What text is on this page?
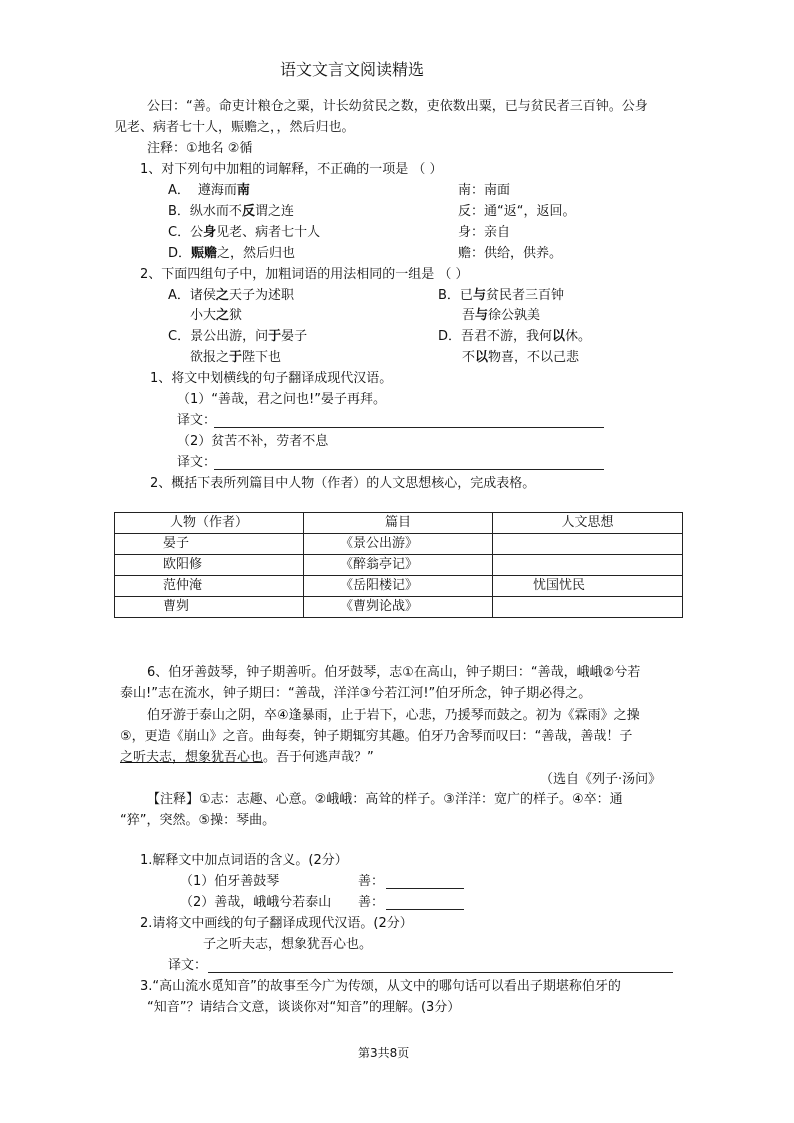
语文文言文阅读精选
公曰：“善。命吏计粮仓之粟，计长幼贫民之数，吏依数出粟，已与贫民者三百钟。公身
见老、病者七十人，赈赡之，，然后归也。
注释：①地名 ②循
1、对下列句中加粗的词解释，不正确的一项是 （ ）
A． 遵海而南	南：南面
B．纵水而不反谓之连	反：通“返“，返回。
C．公身见老、病者七十人	身：亲自
D．赈赡之，然后归也	赡：供给，供养。
2、下面四组句子中，加粗词语的用法相同的一组是 （ ）
A．诸侯之天子为述职	B．已与贫民者三百钟
小大之狱	吾与徐公孰美
C．景公出游，问于晏子	D．吾君不游，我何以休。
欲报之于陛下也	不以物喜，不以己悲
1、将文中划横线的句子翻译成现代汉语。
（1）“善哉，君之问也!”晏子再拜。
译文：
（2）贫苦不补，劳者不息
译文：
2、概括下表所列篇目中人物（作者）的人文思想核心，完成表格。
人物（作者）	篇目	人文思想
晏子	《景公出游》	
欧阳修	《醉翁亭记》	
范仲淹	《岳阳楼记》	忧国忧民
曹刿	《曹刿论战》	
6、伯牙善鼓琴，钟子期善听。伯牙鼓琴，志①在高山，钟子期曰：“善哉，峨峨②兮若
泰山!”志在流水，钟子期曰：“善哉，洋洋③兮若江河!”伯牙所念，钟子期必得之。
伯牙游于泰山之阴，卒④逢暴雨，止于岩下，心悲，乃援琴而鼓之。初为《霖雨》之操
⑤，更造《崩山》之音。曲每奏，钟子期辄穷其趣。伯牙乃舍琴而叹曰：“善哉，善哉！子
之听夫志，想象犹吾心也。吾于何逃声哉？”
（选自《列子·汤问》
【注释】①志：志趣、心意。②峨峨：高耸的样子。③洋洋：宽广的样子。④卒：通
“猝”，突然。⑤操：琴曲。
1.解释文中加点词语的含义。(2分）
（1）伯牙善鼓琴	善：
（2）善哉，峨峨兮若泰山 善：
2.请将文中画线的句子翻译成现代汉语。(2分）
子之听夫志，想象犹吾心也。
译文：
3.“高山流水觅知音”的故事至今广为传颂，从文中的哪句话可以看出子期堪称伯牙的
“知音”？请结合文意，谈谈你对“知音”的理解。(3分）
第3共8页
